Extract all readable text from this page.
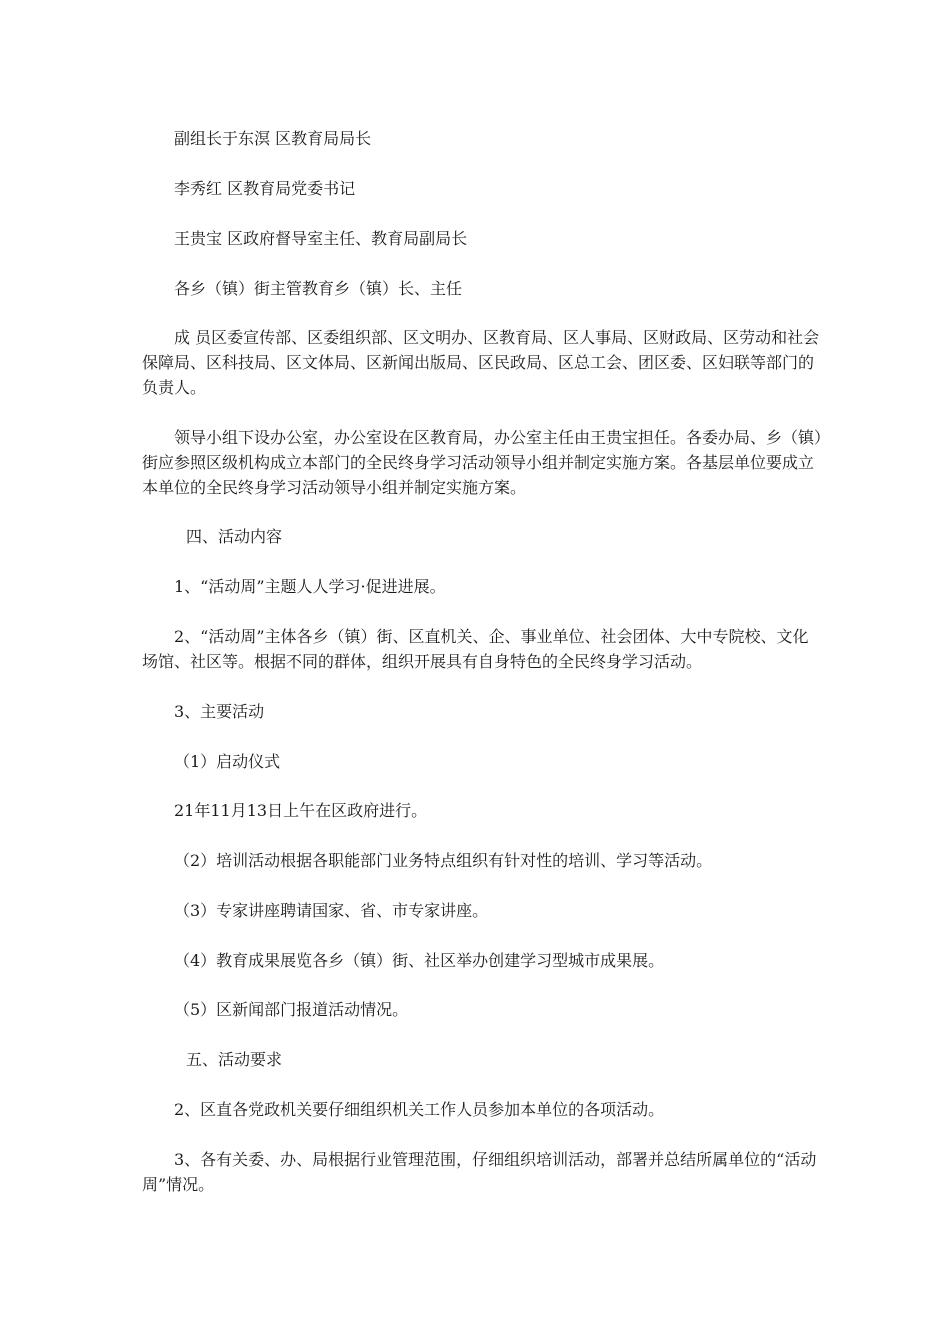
副组长于东溟 区教育局局长

李秀红 区教育局党委书记

王贵宝 区政府督导室主任、教育局副局长

各乡（镇）街主管教育乡（镇）长、主任

成 员区委宣传部、区委组织部、区文明办、区教育局、区人事局、区财政局、区劳动和社会保障局、区科技局、区文体局、区新闻出版局、区民政局、区总工会、团区委、区妇联等部门的负责人。

领导小组下设办公室，办公室设在区教育局，办公室主任由王贵宝担任。各委办局、乡（镇）街应参照区级机构成立本部门的全民终身学习活动领导小组并制定实施方案。各基层单位要成立本单位的全民终身学习活动领导小组并制定实施方案。

四、活动内容

1、“活动周”主题人人学习·促进进展。

2、“活动周”主体各乡（镇）街、区直机关、企、事业单位、社会团体、大中专院校、文化场馆、社区等。根据不同的群体，组织开展具有自身特色的全民终身学习活动。

3、主要活动

（1）启动仪式

21年11月13日上午在区政府进行。

（2）培训活动根据各职能部门业务特点组织有针对性的培训、学习等活动。

（3）专家讲座聘请国家、省、市专家讲座。

（4）教育成果展览各乡（镇）街、社区举办创建学习型城市成果展。

（5）区新闻部门报道活动情况。

五、活动要求

2、区直各党政机关要仔细组织机关工作人员参加本单位的各项活动。

3、各有关委、办、局根据行业管理范围，仔细组织培训活动，部署并总结所属单位的“活动周”情况。
